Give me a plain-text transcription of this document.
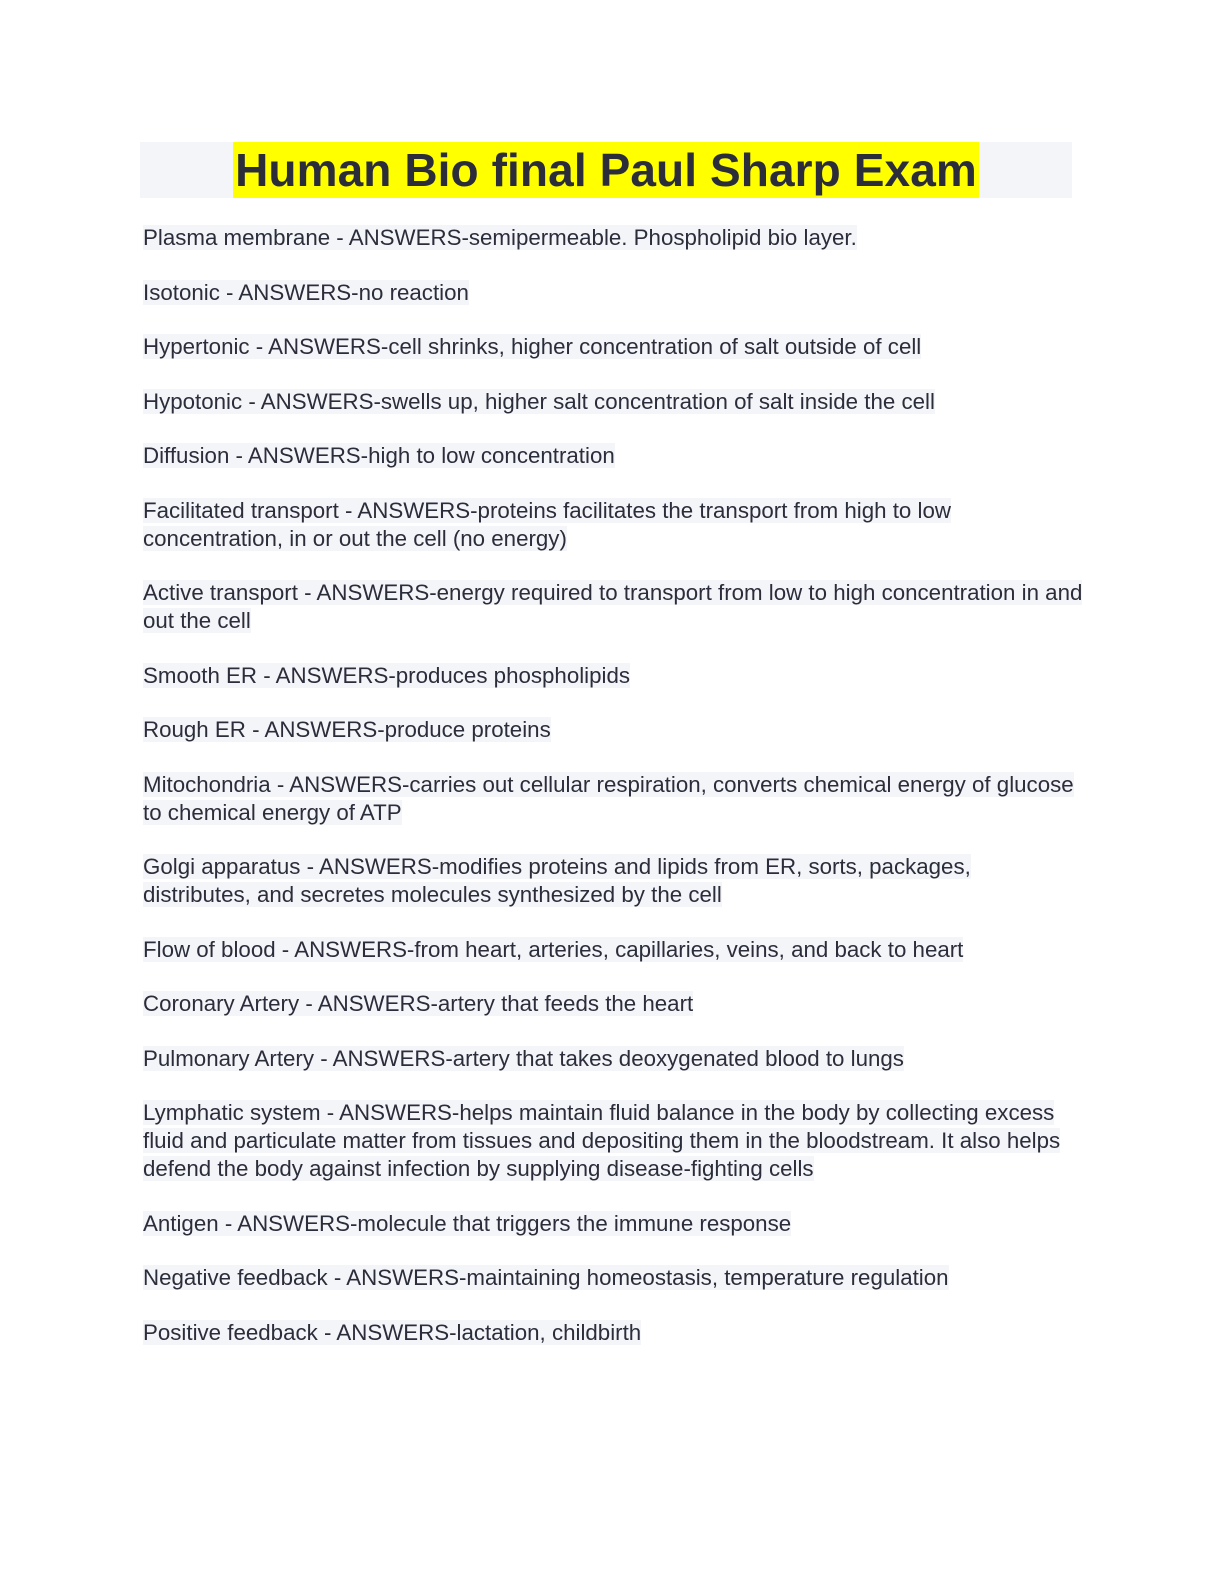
Human Bio final Paul Sharp Exam

Plasma membrane - ANSWERS-semipermeable. Phospholipid bio layer.

Isotonic - ANSWERS-no reaction

Hypertonic - ANSWERS-cell shrinks, higher concentration of salt outside of cell

Hypotonic - ANSWERS-swells up, higher salt concentration of salt inside the cell

Diffusion - ANSWERS-high to low concentration

Facilitated transport - ANSWERS-proteins facilitates the transport from high to low concentration, in or out the cell (no energy)

Active transport - ANSWERS-energy required to transport from low to high concentration in and out the cell

Smooth ER - ANSWERS-produces phospholipids

Rough ER - ANSWERS-produce proteins

Mitochondria - ANSWERS-carries out cellular respiration, converts chemical energy of glucose to chemical energy of ATP

Golgi apparatus - ANSWERS-modifies proteins and lipids from ER, sorts, packages, distributes, and secretes molecules synthesized by the cell

Flow of blood - ANSWERS-from heart, arteries, capillaries, veins, and back to heart

Coronary Artery - ANSWERS-artery that feeds the heart

Pulmonary Artery - ANSWERS-artery that takes deoxygenated blood to lungs

Lymphatic system - ANSWERS-helps maintain fluid balance in the body by collecting excess fluid and particulate matter from tissues and depositing them in the bloodstream. It also helps defend the body against infection by supplying disease-fighting cells

Antigen - ANSWERS-molecule that triggers the immune response

Negative feedback - ANSWERS-maintaining homeostasis, temperature regulation

Positive feedback - ANSWERS-lactation, childbirth
